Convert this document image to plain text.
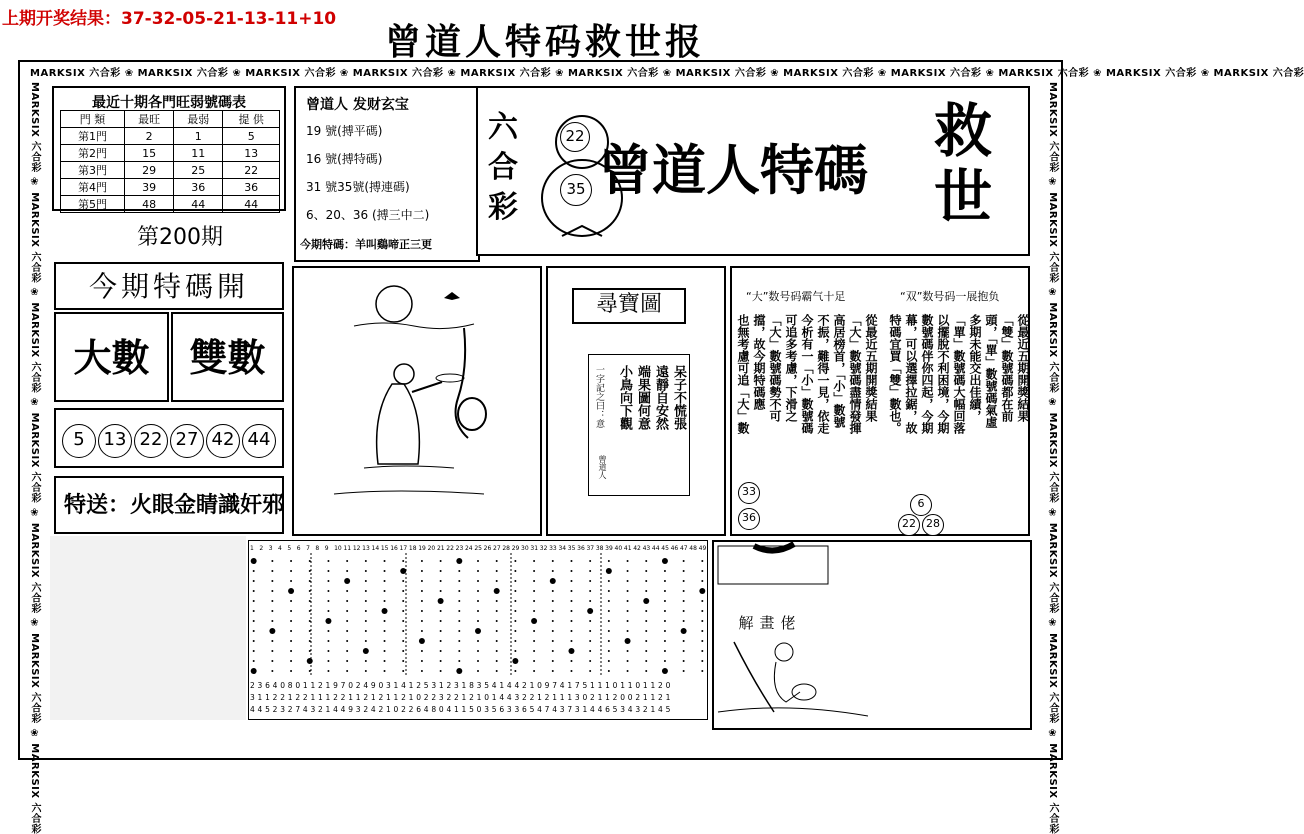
上期开奖结果：37-32-05-21-13-11+10
曾道人特码救世报
MARKSIX 六合彩 ❀ MARKSIX 六合彩 ❀ MARKSIX 六合彩 ❀ MARKSIX 六合彩 ❀ MARKSIX 六合彩 ❀ MARKSIX 六合彩 ❀ MARKSIX 六合彩 ❀ MARKSIX 六合彩 ❀ MARKSIX 六合彩 ❀ MARKSIX 六合彩 ❀ MARKSIX 六合彩 ❀ MARKSIX 六合彩
MARKSIX 六合彩 ❀ MARKSIX 六合彩 ❀ MARKSIX 六合彩 ❀ MARKSIX 六合彩 ❀ MARKSIX 六合彩 ❀ MARKSIX 六合彩 ❀ MARKSIX 六合彩	MARKSIX 六合彩 ❀ MARKSIX 六合彩 ❀ MARKSIX 六合彩 ❀ MARKSIX 六合彩 ❀ MARKSIX 六合彩 ❀ MARKSIX 六合彩 ❀ MARKSIX 六合彩
最近十期各門旺弱號碼表
門 類	最旺	最弱	提 供
第1門	2	1	5
第2門	15	11	13
第3門	29	25	22
第4門	39	36	36
第5門	48	44	44
第200期
曾道人 发财玄宝
19 號(搏平碼)
16 號(搏特碼)
31 號35號(搏連碼)
6、20、36 (搏三中二)
今期特碼：羊叫鷄啼正三更
六
合
彩
22
35 曾道人特碼
救
世
今期特碼開
大數	雙數
5	13 22 27 42 44
特送：火眼金睛識奸邪
尋寶圖
呆子不慌張
遠靜自安然
端果圖何意
小鳥向下觀
一字記之曰：意
曾道人
“大”数号码霸气十足	“双”数号码一展抱负
從最近五期開獎結果
「雙」數號碼都在前
頭，「單」數號碼氣虛
多期未能交出佳績，
「單」數號碼大幅回落
以擺脫不利困境，今期
數號碼伴你四起，今期
幕，可以選擇拉鋸，故
特碼宜買「雙」數也。
從最近五期開獎結果
「大」數號碼盡情發揮
高居榜首，「小」數號
不振，難得一見，依走
今析有一「小」數號碼
可追多考慮，下滑之
「大」數號碼勢不可
擋，故今期特碼應
也無考慮可追「大」數
33
36
6
22 28
1 2 3 4 5 6 7 8 9 10 11 12 13 14 15 16 17 18 19 20 21 22 23 24 25 26 27 28 29 30 31 32 33 34 35 36 37 38 39 40 41 42 43 44 45 46 47 48 49
2 3 6 4 0 8 0 1 1 2 1 9 7 0 2 4 9 0 3 1 4 1 2 5 3 1 2 3 1 8 3 5 4 1 4 4 2 1 0 9 7 4 1 7 5 1 1 1 0 1 1 0 1 1 2 0
3 1 1 2 2 1 2 2 1 1 1 2 2 1 1 2 1 2 1 1 2 1 0 2 2 3 2 2 1 2 1 0 1 4 4 3 2 2 1 2 1 1 1 3 0 2 1 1 2 0 0 2 1 1 2 1
4 4 5 2 3 2 7 4 3 2 1 4 4 9 3 2 4 2 1 0 2 2 6 4 8 0 4 1 1 5 0 3 5 6 3 3 6 5 4 7 4 3 7 3 1 4 4 6 5 3 4 3 2 1 4 5
解畫佬
